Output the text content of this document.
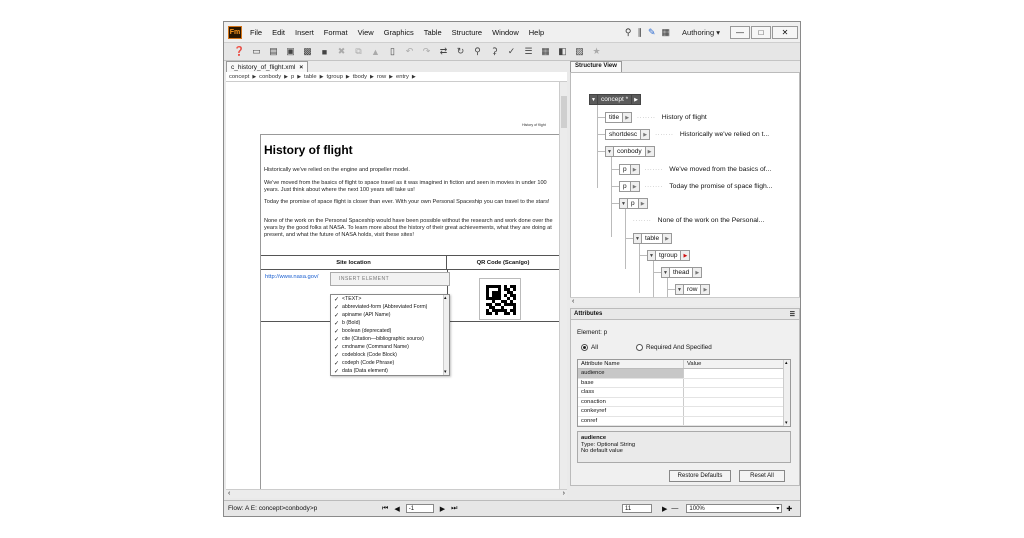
Fm File Edit Insert Format View Graphics Table Structure Window Help	⚲ ∥ ✎ ▦ Authoring ▾	—	□	✕
❓ ▭ ▤ ▣ ▩	■	✖ ⧉ ▲	▯	↶ ↷ ⇄ ↻ ⚲ ⚳ ✓ ☰ ▦ ◧ ▨ ★
c_history_of_flight.xml ×
concept ▶ conbody ▶ p ▶ table ▶ tgroup ▶ tbody ▶ row ▶ entry ▶
History of flight
History of flight
Historically we've relied on the engine and propeller model.
We've moved from the basics of flight to space travel as it was imagined in fiction and seen in movies in under 100 years. Just think about where the next 100 years will take us!
Today the promise of space flight is closer than ever. With your own Personal Spaceship you can travel to the stars!
None of the work on the Personal Spaceship would have been possible without the research and work done over the years by the good folks at NASA. To learn more about the history of their great achievements, what they are doing at present, and what the future of NASA holds, visit these sites!
Site location	QR Code (Scan/go)
http://www.nasa.gov/	INSERT ELEMENT
✓ <TEXT>
✓ abbreviated-form (Abbreviated Form)
✓ apiname (API Name)
✓ b (Bold)
✓ boolean (deprecated)
✓ cite (Citation—bibliographic source)
✓ cmdname (Command Name)
✓ codeblock (Code Block)
✓ codeph (Code Phrase)
✓ data (Data element)
▴
▾
‹	›
Structure View
▼ concept *	▶
title	▶	······· History of flight
shortdesc	▶	······· Historically we've relied on t...
▼ conbody	▶
p	▶	······· We've moved from the basics of...
p	▶	······· Today the promise of space fligh...
▼ p	▶
······· None of the work on the Personal...
▼ table	▶
▼ tgroup	▶
▼ thead	▶
▼ row	▶
‹
Attributes	☰
Element: p
All	Required And Specified
Attribute Name	Value
audience
base
class
conaction
conkeyref
conref
▴
▾
audience
Type: Optional String
No default value
Restore Defaults	Reset All
Flow: A E: concept>conbody>p	⏮ ◀	-1	▶ ⏭	11	▶ — 100%	▾ ✚
